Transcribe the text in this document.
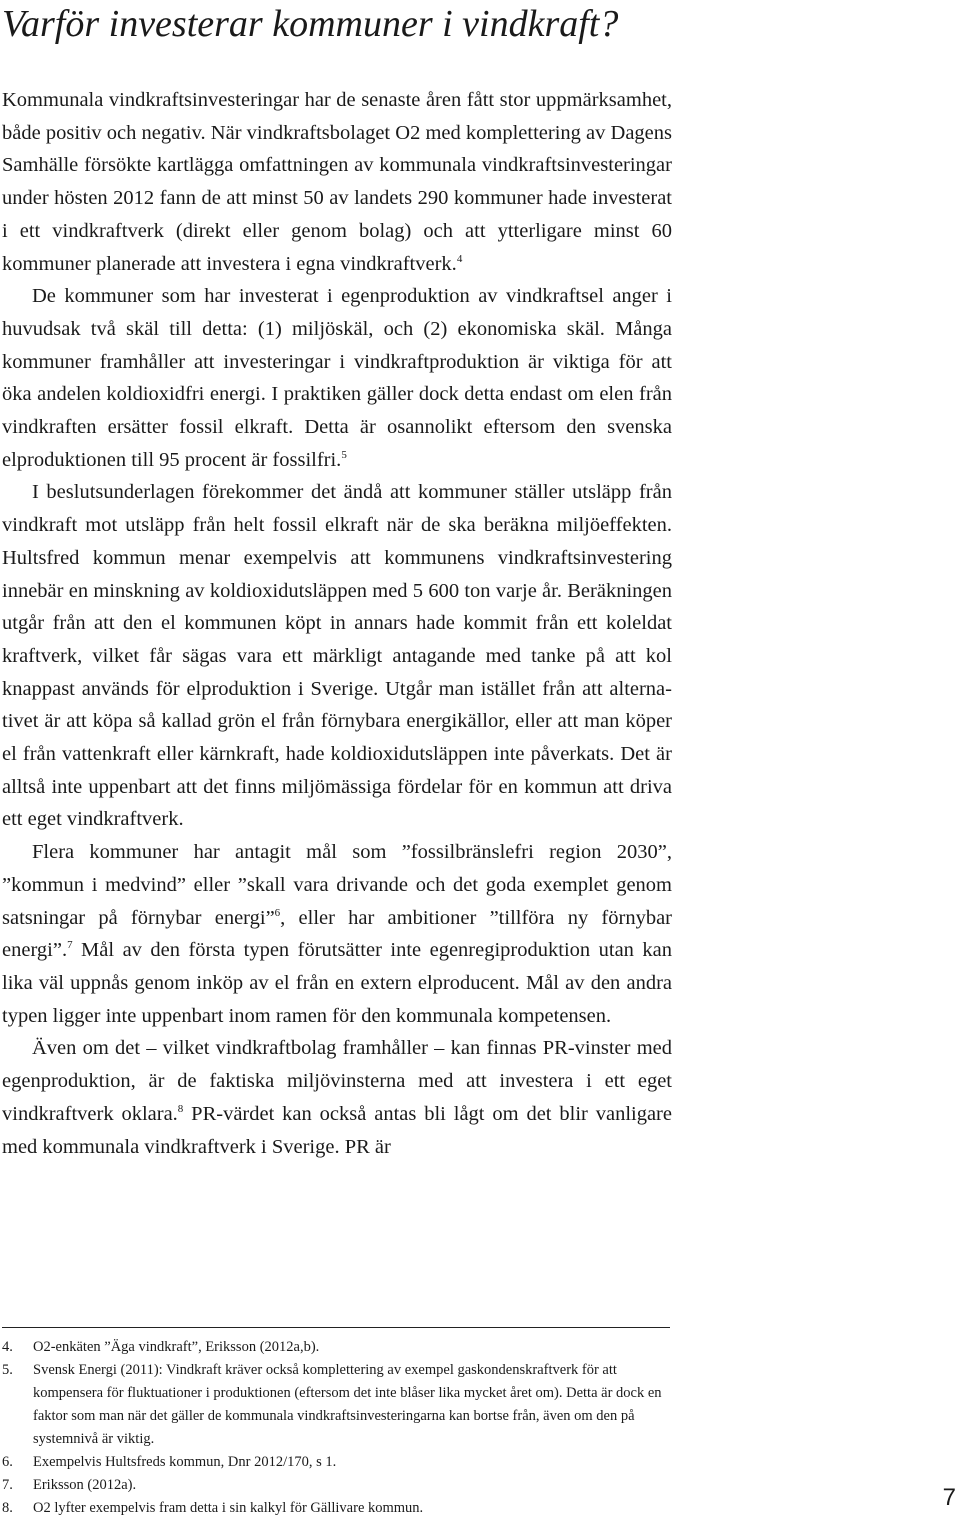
Varför investerar kommuner i vindkraft?

Kommunala vindkraftsinvesteringar har de senaste åren fått stor uppmärksamhet, både positiv och negativ. När vindkraftsbolaget O2 med komplettering av Dagens Samhälle försökte kartlägga omfattningen av kommunala vindkraftsinvesteringar under hösten 2012 fann de att minst 50 av landets 290 kommuner hade investerat i ett vindkraftverk (direkt eller genom bolag) och att ytterligare minst 60 kommuner planerade att investera i egna vindkraftverk.$^4$

De kommuner som har investerat i egenproduktion av vindkraftsel anger i huvudsak två skäl till detta: (1) miljöskäl, och (2) ekonomiska skäl. Många kommuner framhåller att investeringar i vindkraftproduktion är viktiga för att öka andelen koldioxidfri energi. I praktiken gäller dock detta endast om elen från vindkraften ersätter fossil elkraft. Detta är osannolikt eftersom den svenska elproduktionen till 95 procent är fossilfri.$^5$

I beslutsunderlagen förekommer det ändå att kommuner ställer utsläpp från vindkraft mot utsläpp från helt fossil elkraft när de ska beräkna miljöeffekten. Hultsfred kommun menar exempelvis att kommunens vindkraftsinvestering innebär en minskning av koldioxidutsläppen med 5 600 ton varje år. Beräkningen utgår från att den el kommunen köpt in annars hade kommit från ett koleldat kraftverk, vilket får sägas vara ett märkligt antagande med tanke på att kol knappast används för elproduktion i Sverige. Utgår man istället från att alternativet är att köpa så kallad grön el från förnybara energikällor, eller att man köper el från vattenkraft eller kärnkraft, hade koldioxidutsläppen inte påverkats. Det är alltså inte uppenbart att det finns miljömässiga fördelar för en kommun att driva ett eget vindkraftverk.

Flera kommuner har antagit mål som ”fossilbränslefri region 2030”, ”kommun i medvind” eller ”skall vara drivande och det goda exemplet genom satsningar på förnybar energi”$^6$, eller har ambitioner ”tillföra ny förnybar energi”.$^7$ Mål av den första typen förutsätter inte egenregiproduktion utan kan lika väl uppnås genom inköp av el från en extern elproducent. Mål av den andra typen ligger inte uppenbart inom ramen för den kommunala kompetensen.

Även om det – vilket vindkraftbolag framhåller – kan finnas PR-vinster med egenproduktion, är de faktiska miljövinsterna med att investera i ett eget vindkraftverk oklara.$^8$ PR-värdet kan också antas bli lågt om det blir vanligare med kommunala vindkraftverk i Sverige. PR är

4.	O2-enkäten ”Äga vindkraft”, Eriksson (2012a,b).
5.	Svensk Energi (2011): Vindkraft kräver också komplettering av exempel gaskondenskraftverk för att kompensera för fluktuationer i produktionen (eftersom det inte blåser lika mycket året om). Detta är dock en faktor som man när det gäller de kommunala vindkraftsinvesteringarna kan bortse från, även om den på systemnivå är viktig.
6.	Exempelvis Hultsfreds kommun, Dnr 2012/170, s 1.
7.	Eriksson (2012a).
8.	O2 lyfter exempelvis fram detta i sin kalkyl för Gällivare kommun.	7
